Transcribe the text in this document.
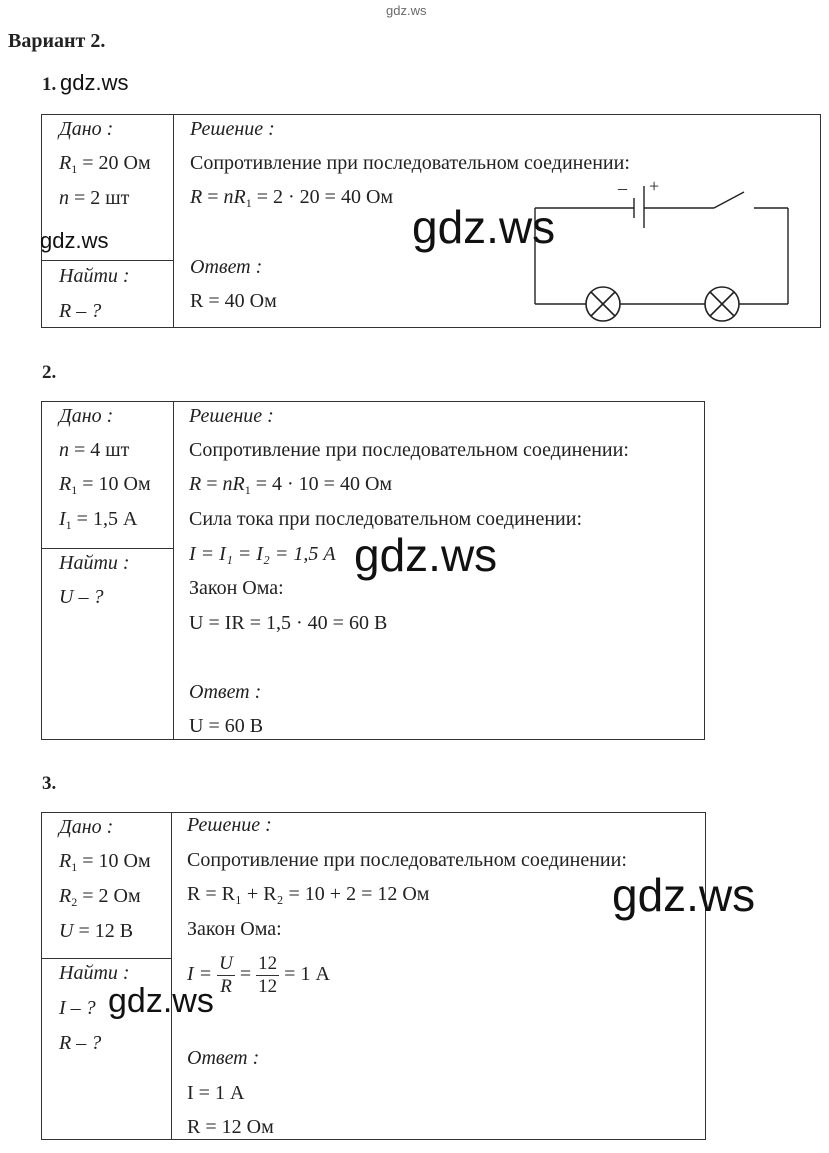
gdz.ws
Вариант 2.
1. gdz.ws
Дано :
$R_1 = 20$ Ом
n = 2 шт
Найти :
R – ?
Решение :
Сопротивление при последовательном соединении:
$R = nR_1 = 2 \cdot 20 = 40$ Ом
Ответ :
R = 40 Ом
– +
gdz.ws	gdz.ws
2.
Дано :
n = 4 шт
$R_1 = 10$ Ом
$I_1 = 1,5$ А
Найти :
U – ?
Решение :
Сопротивление при последовательном соединении:
$R = nR_1 = 4 \cdot 10 = 40$ Ом
Сила тока при последовательном соединении:
I = I₁ = I₂ = 1,5 А
Закон Ома:
U = IR = 1,5 · 40 = 60 В
Ответ :
U = 60 В
gdz.ws
3.
Дано :
$R_1 = 10$ Ом
$R_2 = 2$ Ом
U = 12 В
Найти :
I – ?
R – ?
Решение :
Сопротивление при последовательном соединении:
R = R₁ + R₂ = 10 + 2 = 12 Ом
Закон Ома:
$I = \frac{U}{R} = \frac{12}{12} = 1$ А
Ответ :
I = 1 А
R = 12 Ом
gdz.ws
gdz.ws
